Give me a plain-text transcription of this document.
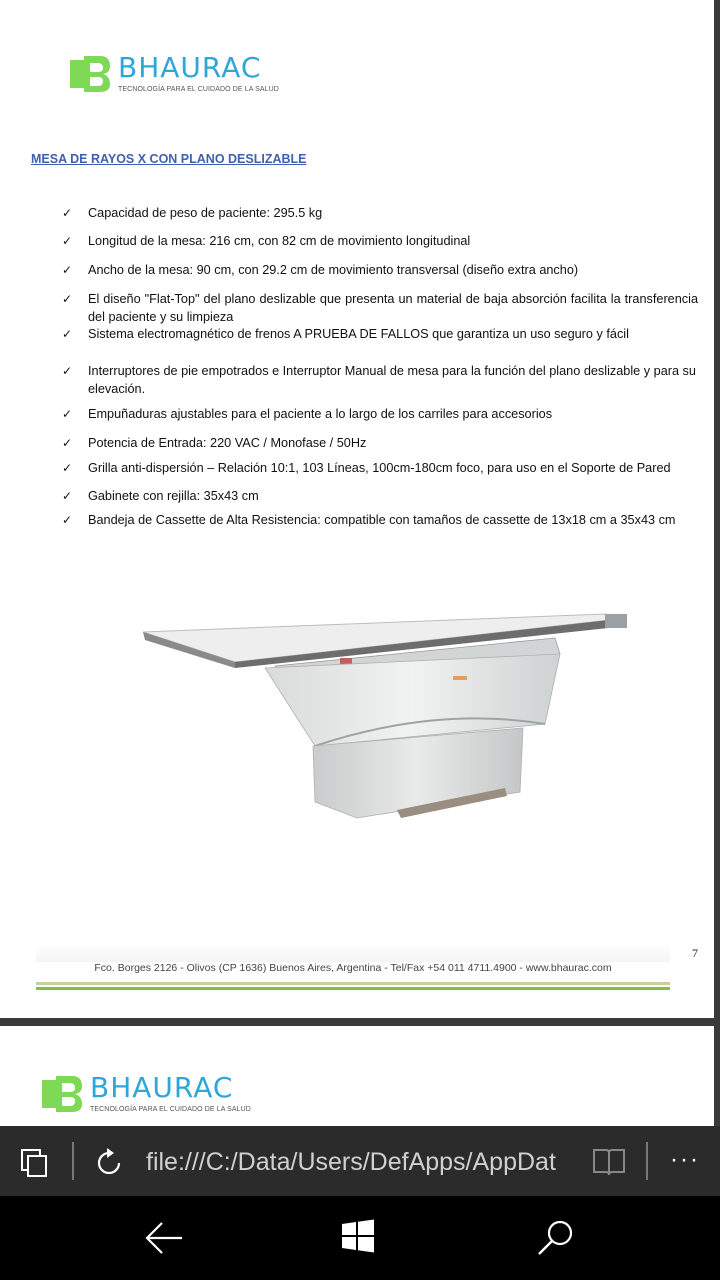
BHAURAC
TECNOLOGÍA PARA EL CUIDADO DE LA SALUD
MESA DE RAYOS X CON PLANO DESLIZABLE
✓ Capacidad de peso de paciente: 295.5 kg
✓ Longitud de la mesa: 216 cm, con 82 cm de movimiento longitudinal
✓ Ancho de la mesa: 90 cm, con 29.2 cm de movimiento transversal (diseño extra ancho)
✓ El diseño "Flat-Top" del plano deslizable que presenta un material de baja absorción facilita la transferencia del paciente y su limpieza
✓ Sistema electromagnético de frenos A PRUEBA DE FALLOS que garantiza un uso seguro y fácil
✓ Interruptores de pie empotrados e Interruptor Manual de mesa para la función del plano deslizable y para su elevación.
✓ Empuñaduras ajustables para el paciente a lo largo de los carriles para accesorios
✓ Potencia de Entrada: 220 VAC / Monofase / 50Hz
✓ Grilla anti-dispersión – Relación 10:1, 103 Líneas, 100cm-180cm foco, para uso en el Soporte de Pared
✓ Gabinete con rejilla: 35x43 cm
✓ Bandeja de Cassette de Alta Resistencia: compatible con tamaños de cassette de 13x18 cm a 35x43 cm
7
Fco. Borges 2126 - Olivos (CP 1636) Buenos Aires, Argentina - Tel/Fax +54 011 4711.4900 - www.bhaurac.com
BHAURAC
TECNOLOGÍA PARA EL CUIDADO DE LA SALUD
file:///C:/Data/Users/DefApps/AppDat	···
